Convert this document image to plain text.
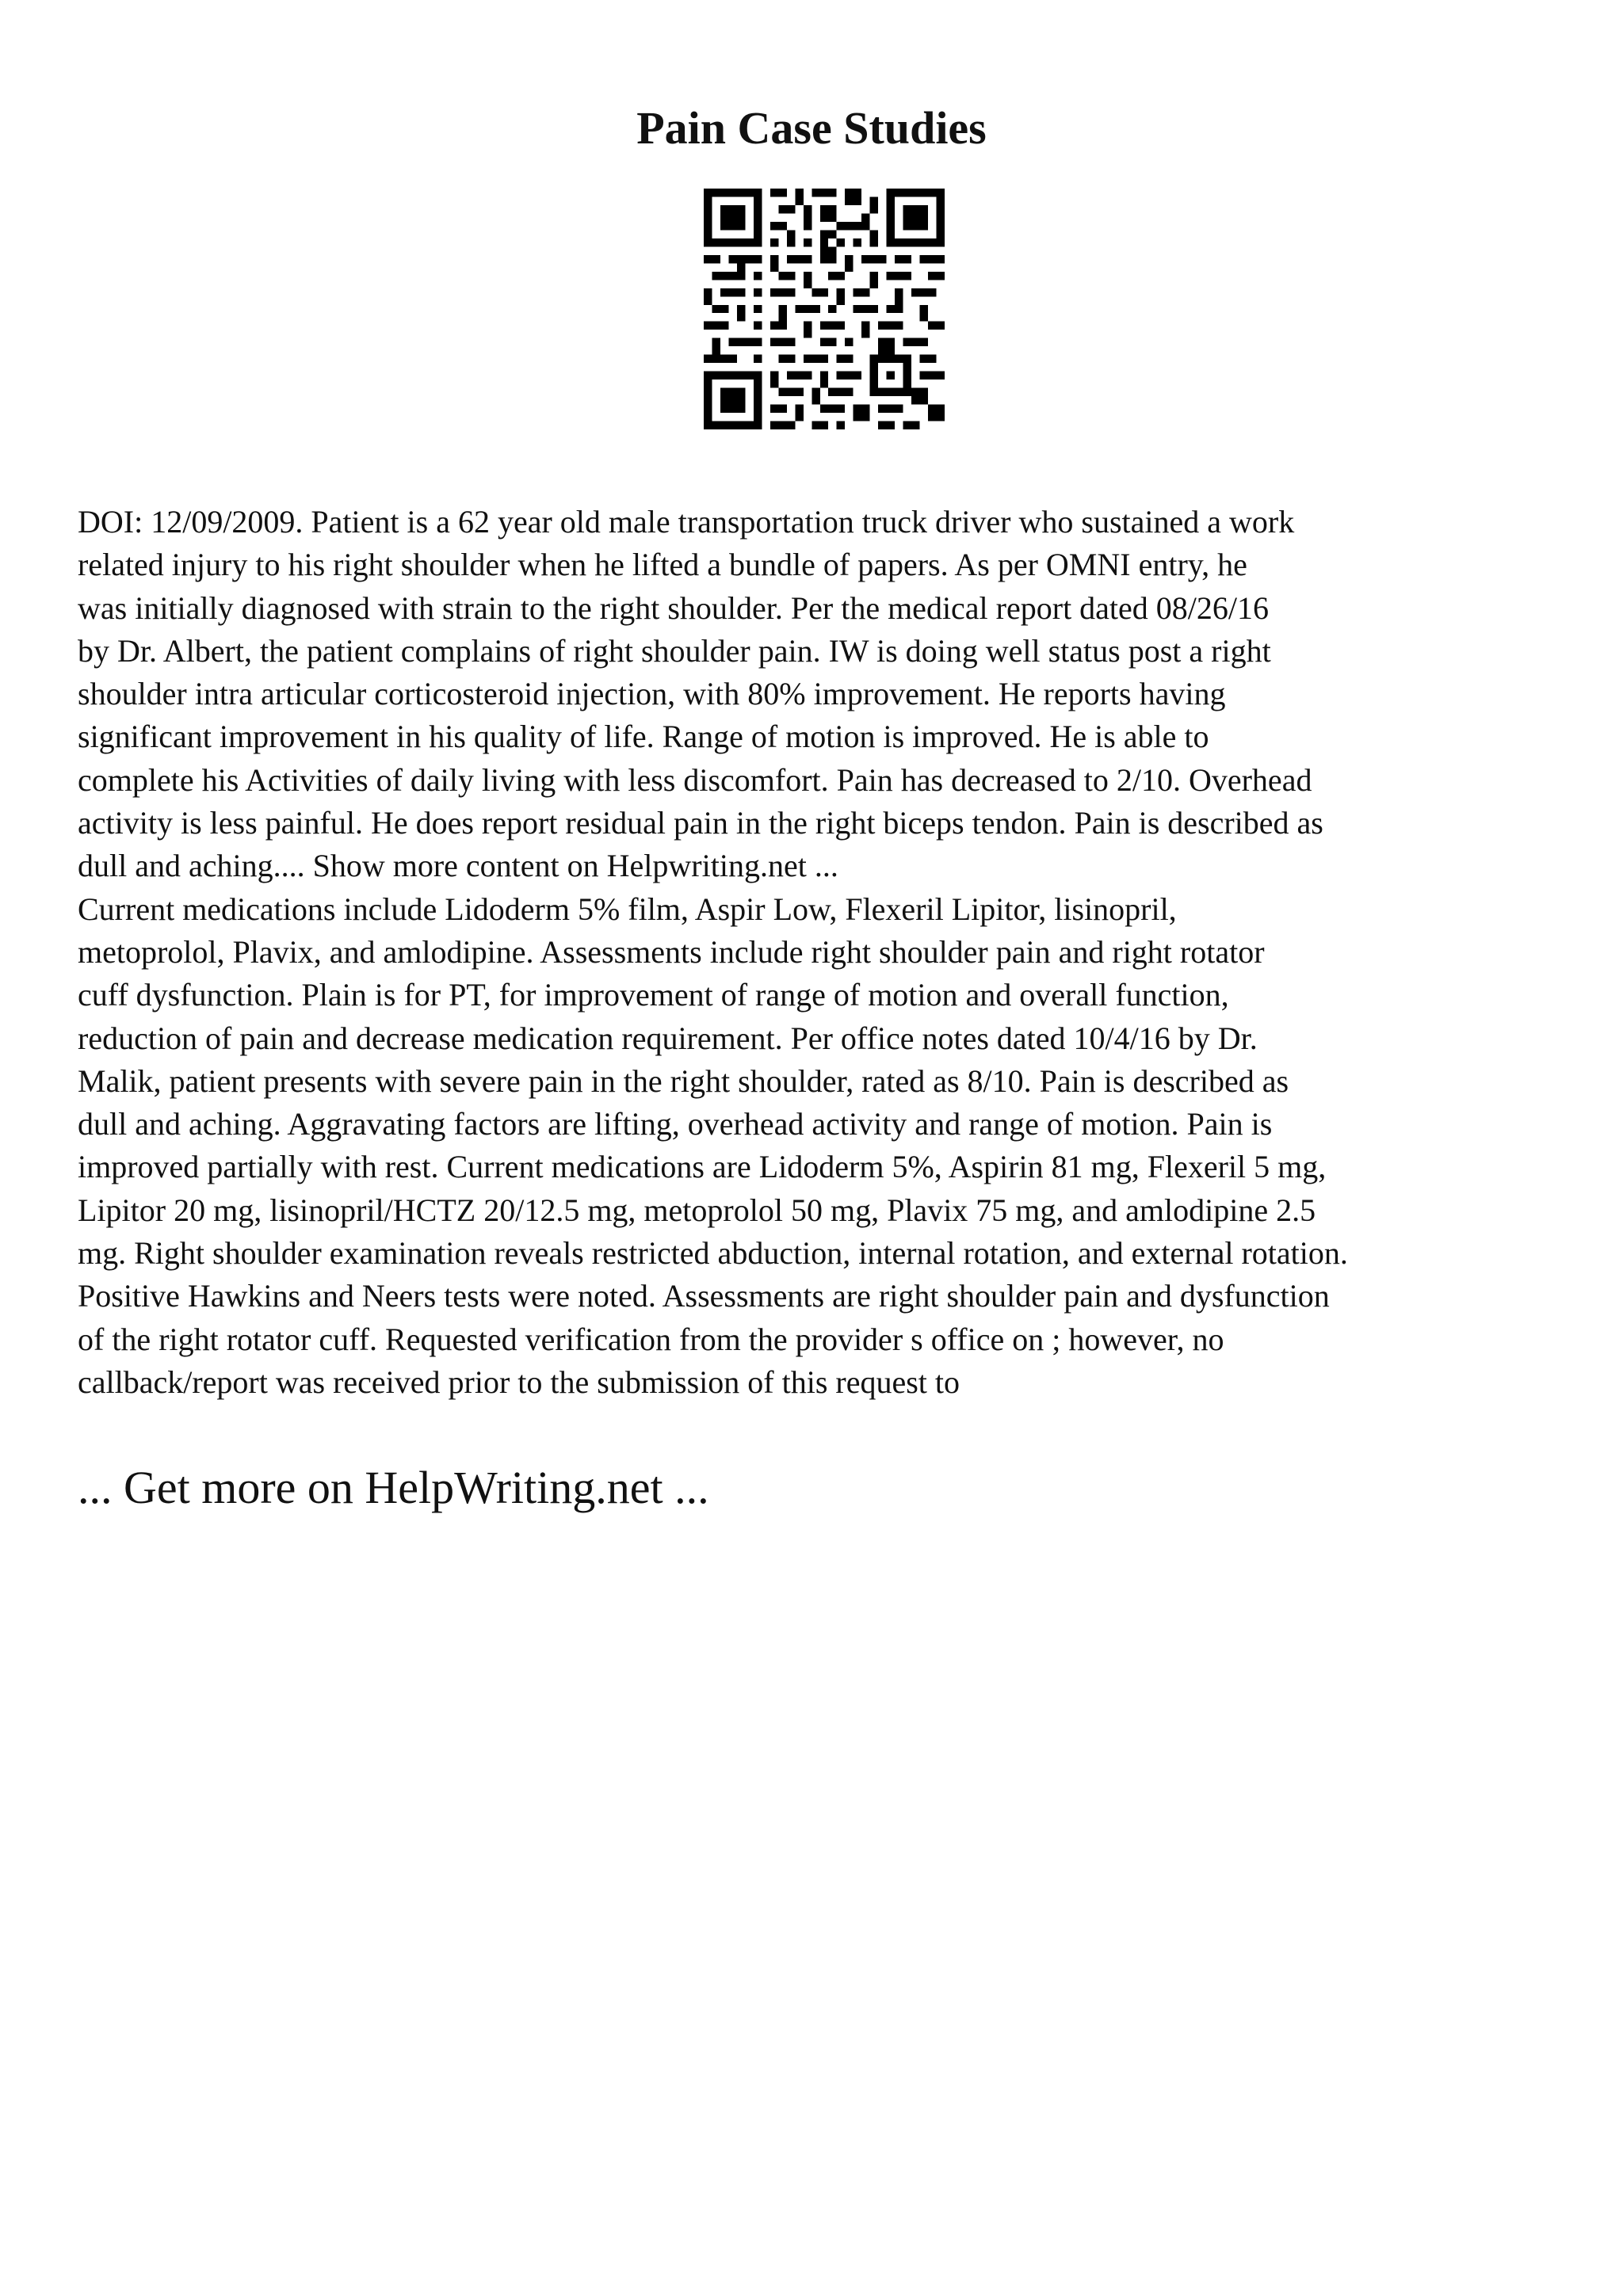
Pain Case Studies

DOI: 12/09/2009. Patient is a 62 year old male transportation truck driver who sustained a work
related injury to his right shoulder when he lifted a bundle of papers. As per OMNI entry, he
was initially diagnosed with strain to the right shoulder. Per the medical report dated 08/26/16
by Dr. Albert, the patient complains of right shoulder pain. IW is doing well status post a right
shoulder intra articular corticosteroid injection, with 80% improvement. He reports having
significant improvement in his quality of life. Range of motion is improved. He is able to
complete his Activities of daily living with less discomfort. Pain has decreased to 2/10. Overhead
activity is less painful. He does report residual pain in the right biceps tendon. Pain is described as
dull and aching.... Show more content on Helpwriting.net ...

Current medications include Lidoderm 5% film, Aspir Low, Flexeril Lipitor, lisinopril,
metoprolol, Plavix, and amlodipine. Assessments include right shoulder pain and right rotator
cuff dysfunction. Plain is for PT, for improvement of range of motion and overall function,
reduction of pain and decrease medication requirement. Per office notes dated 10/4/16 by Dr.
Malik, patient presents with severe pain in the right shoulder, rated as 8/10. Pain is described as
dull and aching. Aggravating factors are lifting, overhead activity and range of motion. Pain is
improved partially with rest. Current medications are Lidoderm 5%, Aspirin 81 mg, Flexeril 5 mg,
Lipitor 20 mg, lisinopril/HCTZ 20/12.5 mg, metoprolol 50 mg, Plavix 75 mg, and amlodipine 2.5
mg. Right shoulder examination reveals restricted abduction, internal rotation, and external rotation.
Positive Hawkins and Neers tests were noted. Assessments are right shoulder pain and dysfunction
of the right rotator cuff. Requested verification from the provider s office on ; however, no
callback/report was received prior to the submission of this request to

... Get more on HelpWriting.net ...
